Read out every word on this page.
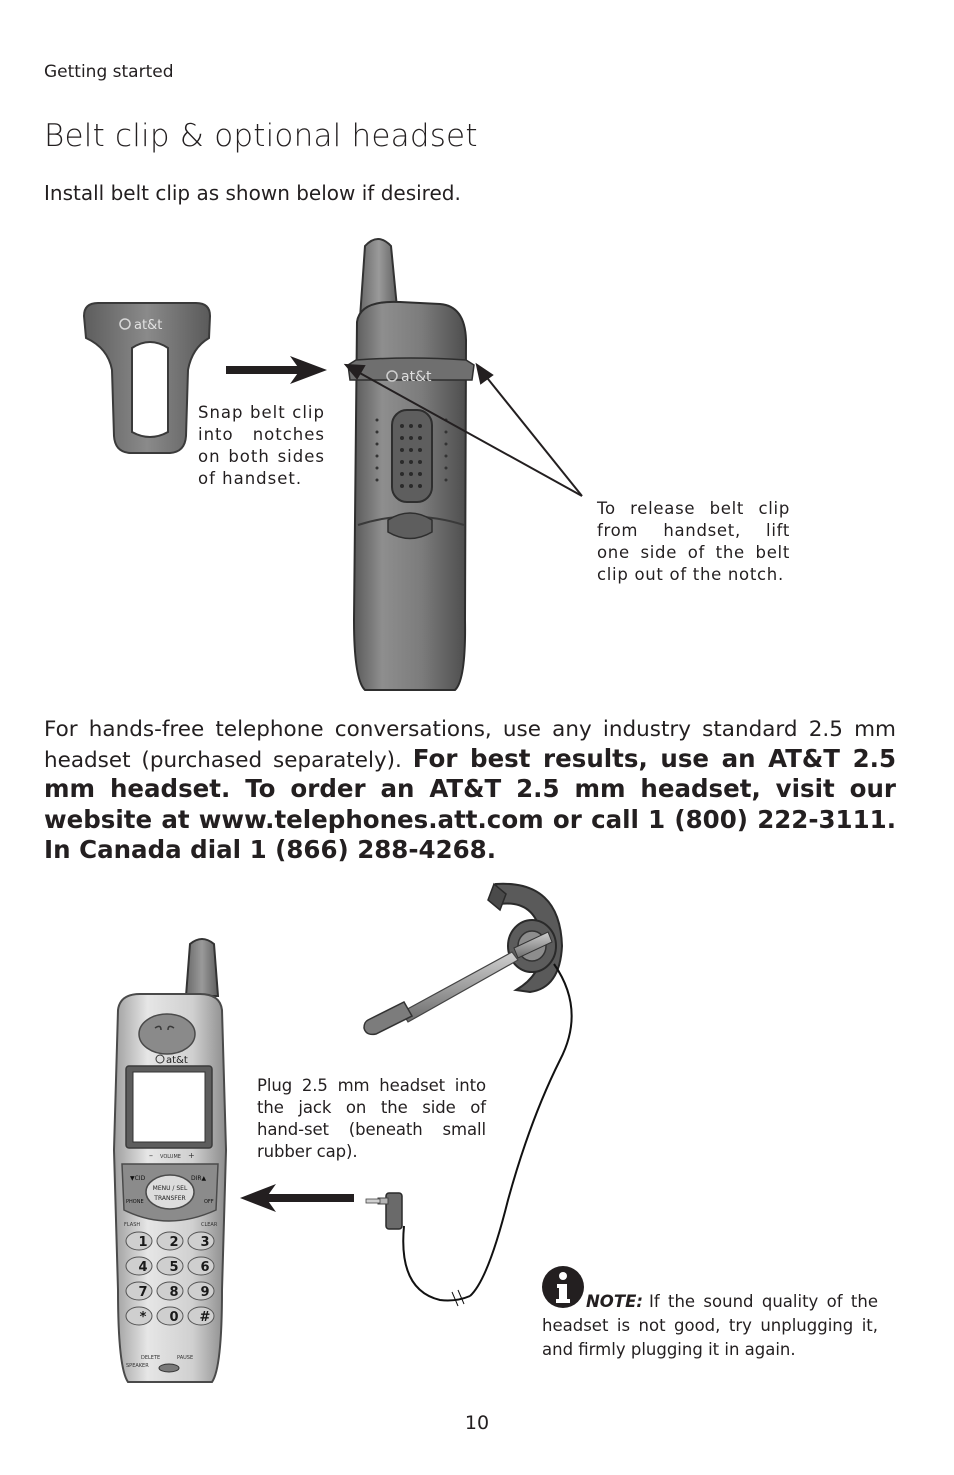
Getting started
Belt clip & optional headset
Install belt clip as shown below if desired.
at&t
at&t
at&t
– VOLUME +
MENU / SEL
TRANSFER
▼CID	DIR▲
PHONE	OFF
FLASH	CLEAR
1 2 3
4 5 6
7 8 9
* 0 #
DELETE	PAUSE
SPEAKER
Snap belt clip into notches on both sides of handset.
To release belt clip from handset, lift one side of the belt clip out of the notch.
For hands-free telephone conversations, use any industry standard 2.5 mm headset (purchased separately). For best results, use an AT&T 2.5 mm headset. To order an AT&T 2.5 mm headset, visit our website at www.telephones.att.com or call 1 (800) 222-3111. In Canada dial 1 (866) 288-4268.
Plug 2.5 mm headset into the jack on the side of hand-set (beneath small rubber cap).
NOTE: If the sound quality of the headset is not good, try unplugging it, and firmly plugging it in again.
10
